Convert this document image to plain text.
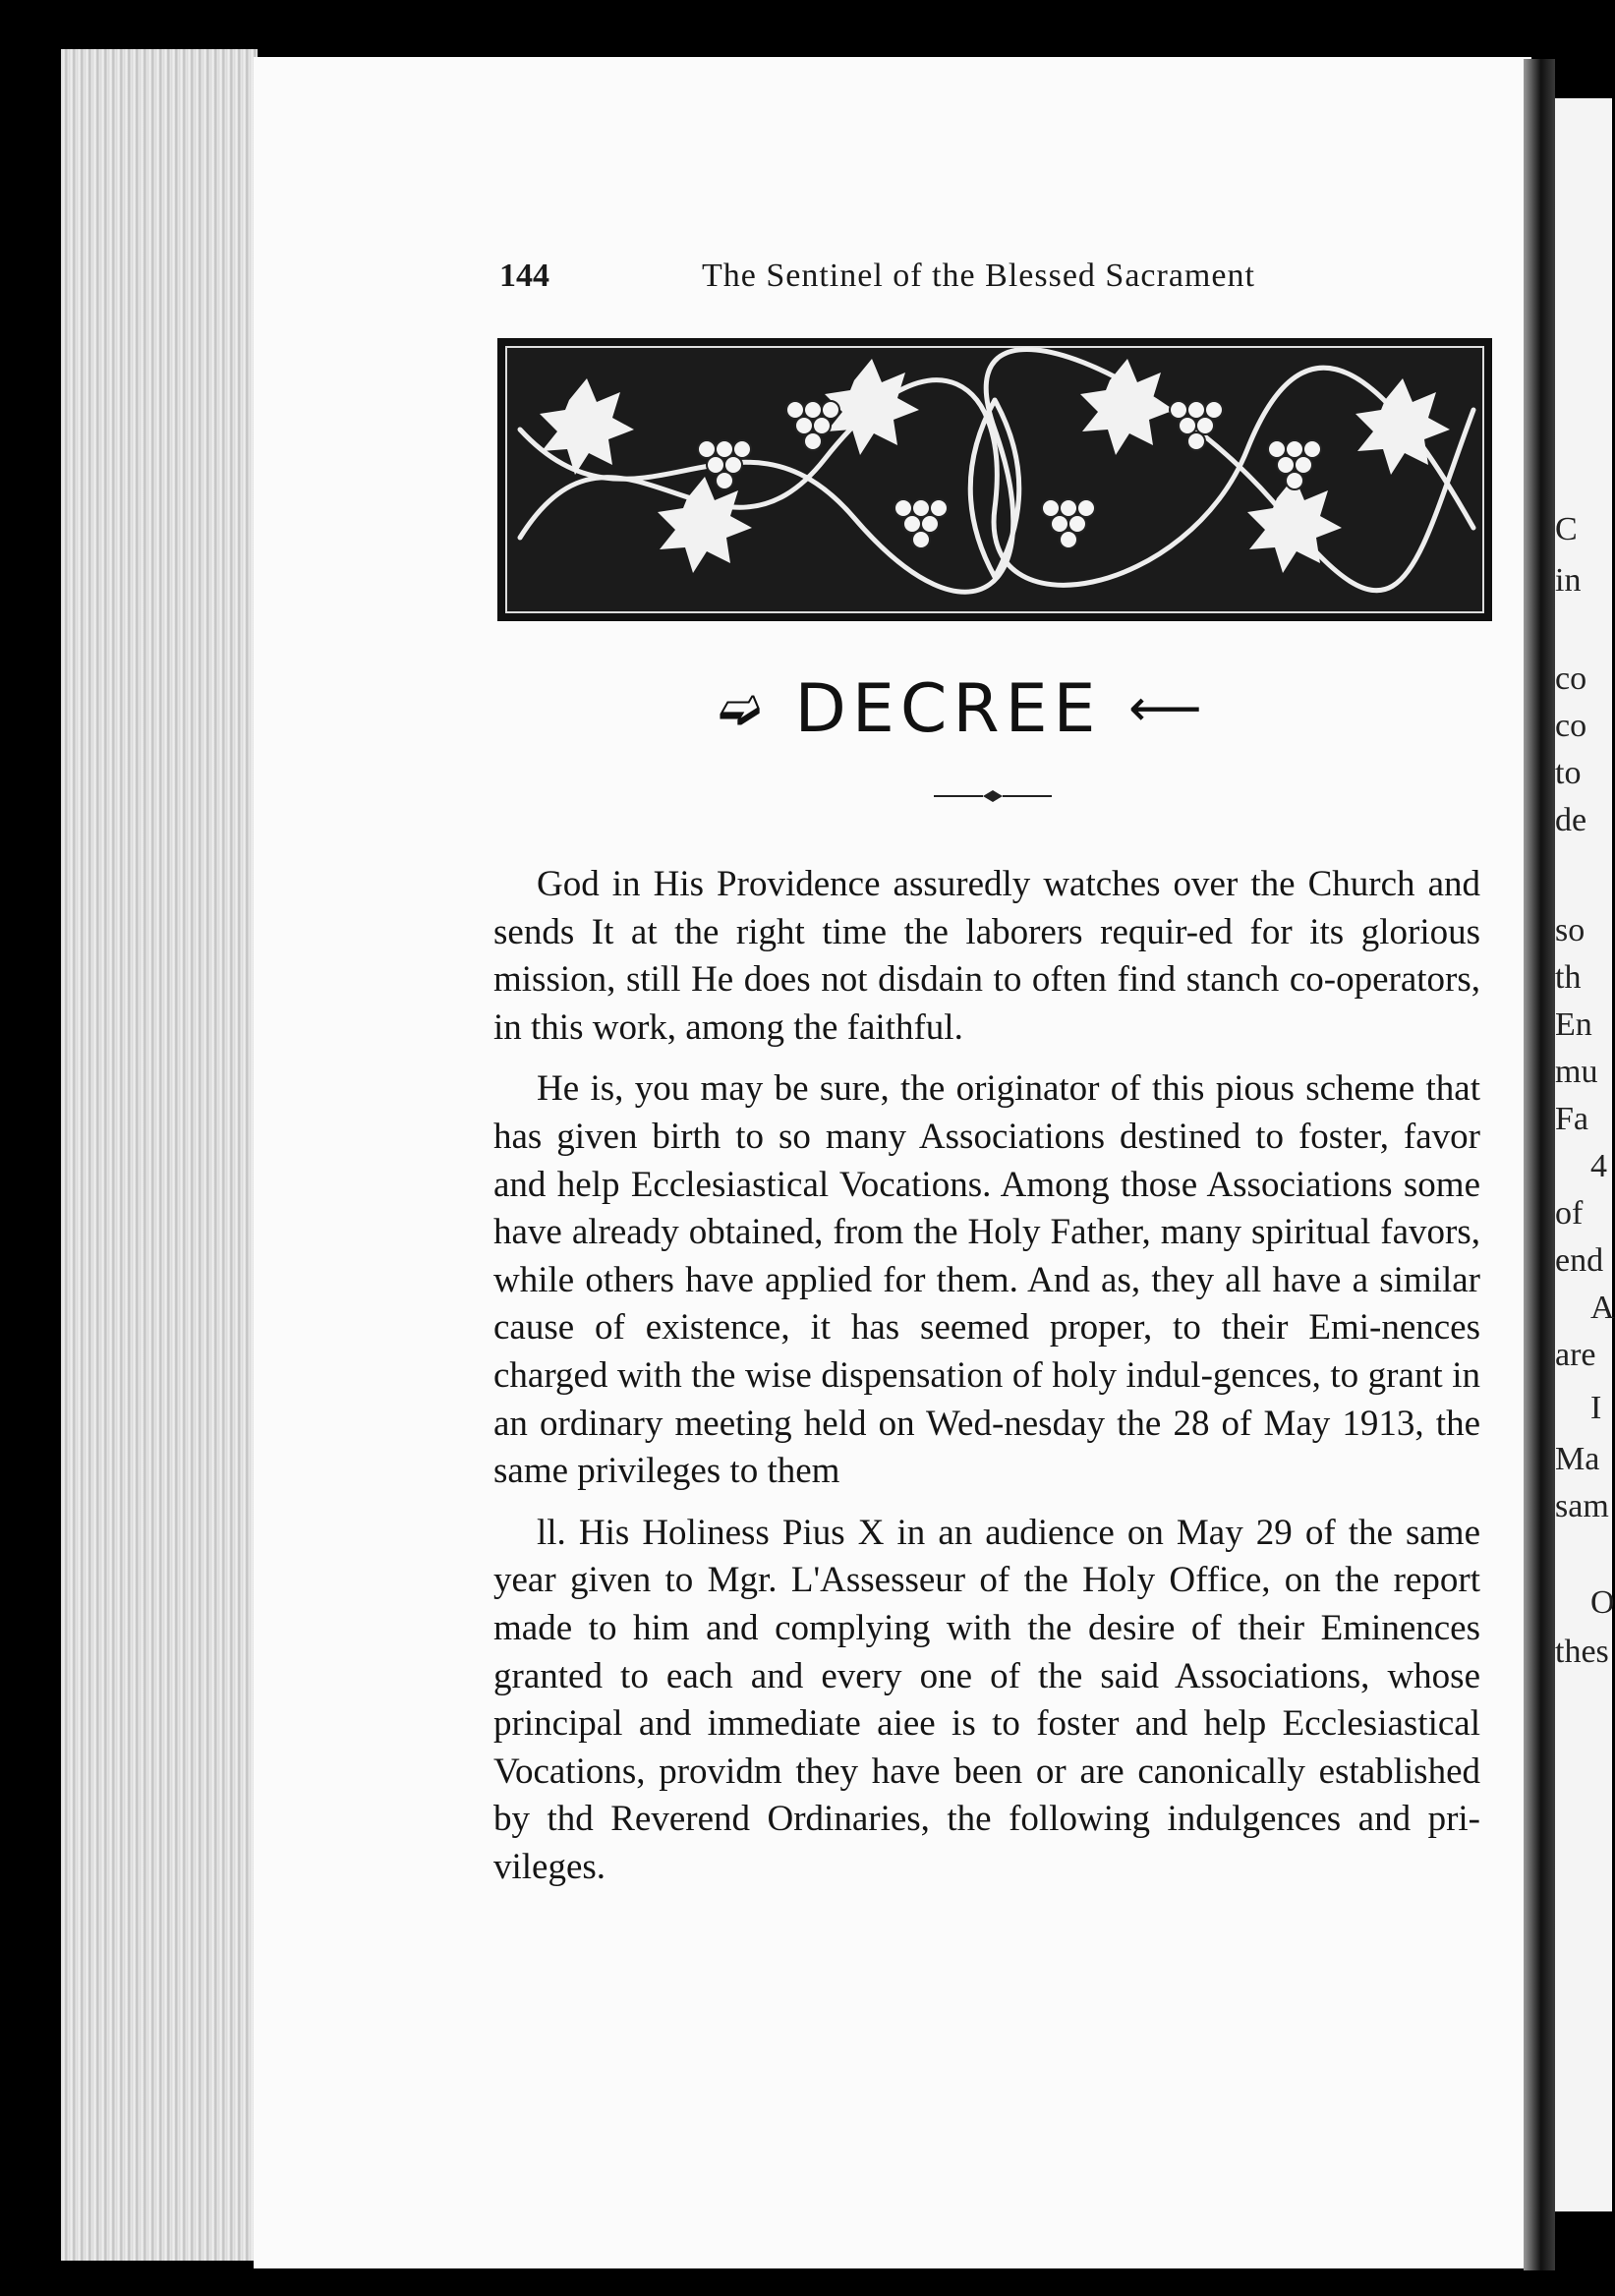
C
in
co
co
to
de
so
th
En
mu
Fa
4
of
end
A
are
I
Ma
sam
O
thes
144	The Sentinel of the Blessed Sacrament
➫ DECREE ⟵

God in His Providence assuredly watches over the Church and sends It at the right time the laborers requir-ed for its glorious mission, still He does not disdain to often find stanch co-operators, in this work, among the faithful.

He is, you may be sure, the originator of this pious scheme that has given birth to so many Associations destined to foster, favor and help Ecclesiastical Vocations. Among those Associations some have already obtained, from the Holy Father, many spiritual favors, while others have applied for them. And as, they all have a similar cause of existence, it has seemed proper, to their Emi-nences charged with the wise dispensation of holy indul-gences, to grant in an ordinary meeting held on Wed-nesday the 28 of May 1913, the same privileges to them

ll. His Holiness Pius X in an audience on May 29 of the same year given to Mgr. L'Assesseur of the Holy Office, on the report made to him and complying with the desire of their Eminences granted to each and every one of the said Associations, whose principal and immediate aiee is to foster and help Ecclesiastical Vocations, providm they have been or are canonically established by thd Reverend Ordinaries, the following indulgences and pri-vileges.
